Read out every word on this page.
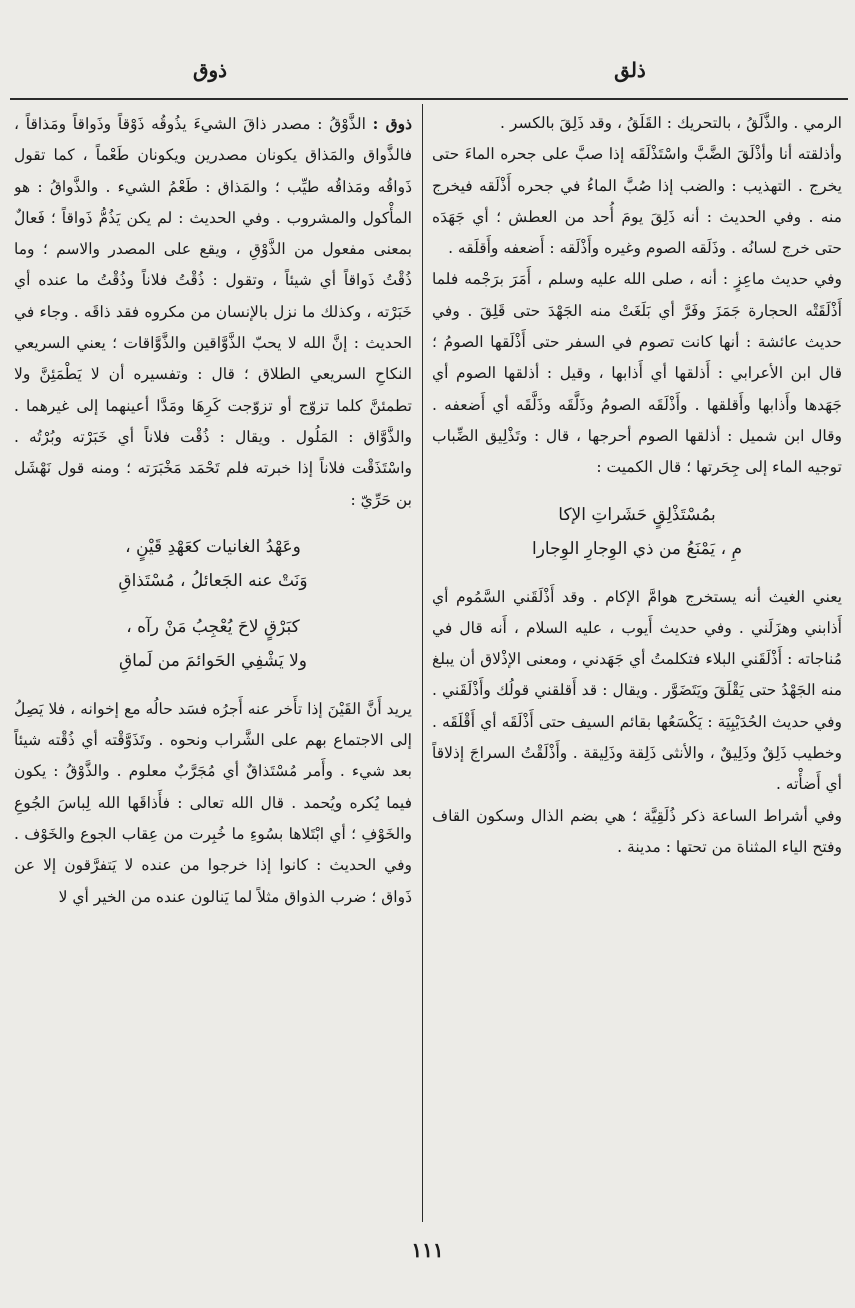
ذوق	ذلق

الرمي . والذَّلَقُ ، بالتحريك : القَلَقُ ، وقد ذَلِقَ بالكسر .

وأذلقته أنا وأذْلَقَ الضَّبَّ واسْتَذْلَقَه إذا صبَّ على جحره الماءَ حتى يخرج . التهذيب : والضب إذا صُبَّ الماءُ في جحره أَذْلَقه فيخرج منه . وفي الحديث : أنه ذَلِقَ يومَ أُحد من العطش ؛ أي جَهَدَه حتى خرج لسانُه . وذَلَقه الصوم وغيره وأَذْلَقه : أَضعفه وأَقلَقه .

وفي حديث ماعِزٍ : أنه ، صلى الله عليه وسلم ، أَمَرَ برَجْمه فلما أَذْلَقَتْه الحجارة جَمَزَ وفَرَّ أي بَلَغَتْ منه الجَهْدَ حتى قَلِقَ . وفي حديث عائشة : أنها كانت تصوم في السفر حتى أَذْلَقها الصومُ ؛ قال ابن الأعرابي : أَذلقها أي أَذابها ، وقيل : أذلقها الصوم أي جَهَدها وأَذابها وأَقلقها . وأَذْلَقَه الصومُ وذَلَّقَه وذَلَّقَه أي أَضعفه . وقال ابن شميل : أذلقها الصوم أحرجها ، قال : وتَذْلِيق الضِّباب توجيه الماء إلى جِحَرتها ؛ قال الكميت :

بمُسْتَذْلِقٍ حَشَراتِ الإكا
مِ ، يَمْنَعُ من ذي الوِجارِ الوِجارا

يعني الغيث أنه يستخرج هوامَّ الإكام . وقد أَذْلَقَني السَّمُوم أي أَذابني وهزَلَني . وفي حديث أَيوب ، عليه السلام ، أَنه قال في مُناجاته : أَذْلَقَني البلاء فتكلمتُ أي جَهَدني ، ومعنى الإذْلاق أن يبلغ منه الجَهْدُ حتى يَقْلَقَ ويَتَضَوَّر . ويقال : قد أَقلقني قولُك وأَذْلَقَني . وفي حديث الحُدَيْبِيَة : يَكْسَعُها بقائم السيف حتى أَذْلَقَه أي أَقْلَقَه . وخطيب ذَلِقٌ وذَلِيقٌ ، والأنثى ذَلِقة وذَلِيقة . وأَذْلَقْتُ السراجَ إذلاقاً أي أَضأْته .

وفي أشراط الساعة ذكر ذُلَقِيَّة ؛ هي بضم الذال وسكون القاف وفتح الياء المثناة من تحتها : مدينة .

ذوق : الذَّوْقُ : مصدر ذاقَ الشيءَ يذُوقُه ذَوْقاً وذَواقاً ومَذاقاً ، فالذَّواق والمَذاق يكونان مصدرين ويكونان طَعْماً ، كما تقول ذَواقُه ومَذاقُه طيِّب ؛ والمَذاق : طَعْمُ الشيء . والذَّواقُ : هو المأْكول والمشروب . وفي الحديث : لم يكن يَذُمُّ ذَواقاً ؛ فَعالٌ بمعنى مفعول من الذَّوْقِ ، ويقع على المصدر والاسم ؛ وما ذُقْتُ ذَواقاً أي شيئاً ، وتقول : ذُقْتُ فلاناً وذُقْتُ ما عنده أي خَبَرْته ، وكذلك ما نزل بالإنسان من مكروه فقد ذاقَه . وجاء في الحديث : إنَّ الله لا يحبّ الذَّوَّاقين والذَّوَّاقات ؛ يعني السريعي النكاحِ السريعي الطلاق ؛ قال : وتفسيره أن لا يَطْمَئِنَّ ولا تطمئنَّ كلما تزوّج أو تزوّجت كَرِهَا ومَدَّا أعينهما إلى غيرهما . والذَّوَّاق : المَلُول . ويقال : ذُقْت فلاناً أي خَبَرْته وبُرْتُه . واسْتَذَقْت فلاناً إذا خبرته فلم تَحْمَد مَخْبَرَته ؛ ومنه قول نَهْشَل بن حَرِّيّ :

وعَهْدُ الغانيات كعَهْدِ قَيْنٍ ،
وَنَتْ عنه الجَعائلُ ، مُسْتَذاقِ
كبَرْقٍ لاحَ يُعْجِبُ مَنْ رآه ،
ولا يَشْفِي الحَوائمَ من لَماقِ

يريد أَنَّ القَيْنَ إذا تأَخر عنه أَجرُه فسَد حالُه مع إخوانه ، فلا يَصِلُ إلى الاجتماع بهم على الشَّراب ونحوه . وتَذَوَّقْته أي ذُقْته شيئاً بعد شيء . وأَمر مُسْتَذاقٌ أي مُجَرَّبٌ معلوم . والذَّوْقُ : يكون فيما يُكره ويُحمد . قال الله تعالى : فأَذاقَها الله لِباسَ الجُوعِ والخَوْفِ ؛ أي ابْتَلاها بسُوءِ ما خُبِرت من عِقاب الجوع والخَوْف . وفي الحديث : كانوا إذا خرجوا من عنده لا يَتفرَّقون إلا عن ذَواق ؛ ضرب الذواق مثلاً لما يَنالون عنده من الخير أي لا

١١١
